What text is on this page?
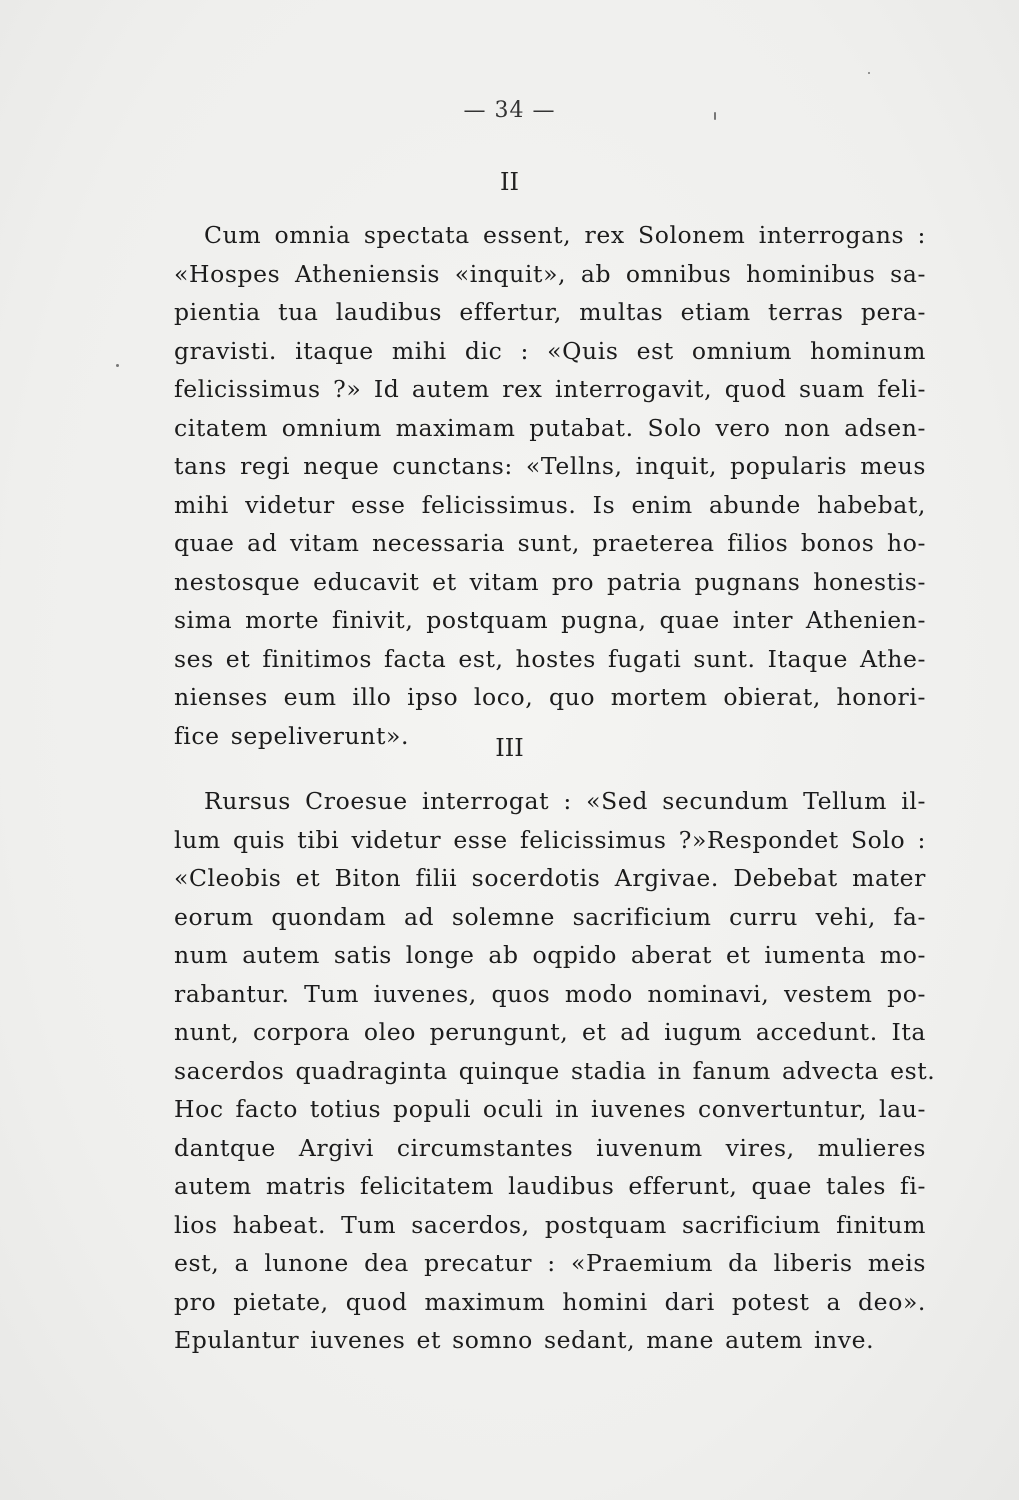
— 34 —
II
Cum omnia spectata essent, rex Solonem interrogans :
«Hospes Atheniensis «inquit», ab omnibus hominibus sa-
pientia tua laudibus effertur, multas etiam terras pera-
gravisti. itaque mihi dic : «Quis est omnium hominum
felicissimus ?» Id autem rex interrogavit, quod suam feli-
citatem omnium maximam putabat. Solo vero non adsen-
tans regi neque cunctans: «Tellns, inquit, popularis meus
mihi videtur esse felicissimus. Is enim abunde habebat,
quae ad vitam necessaria sunt, praeterea filios bonos ho-
nestosque educavit et vitam pro patria pugnans honestis-
sima morte finivit, postquam pugna, quae inter Athenien-
ses et finitimos facta est, hostes fugati sunt. Itaque Athe-
nienses eum illo ipso loco, quo mortem obierat, honori-
fice sepeliverunt».	III
Rursus Croesue interrogat : «Sed secundum Tellum il-
lum quis tibi videtur esse felicissimus ?»Respondet Solo :
«Cleobis et Biton filii socerdotis Argivae. Debebat mater
eorum quondam ad solemne sacrificium curru vehi, fa-
num autem satis longe ab oqpido aberat et iumenta mo-
rabantur. Tum iuvenes, quos modo nominavi, vestem po-
nunt, corpora oleo perungunt, et ad iugum accedunt. Ita
sacerdos quadraginta quinque stadia in fanum advecta est.
Hoc facto totius populi oculi in iuvenes convertuntur, lau-
dantque Argivi circumstantes iuvenum vires, mulieres
autem matris felicitatem laudibus efferunt, quae tales fi-
lios habeat. Tum sacerdos, postquam sacrificium finitum
est, a lunone dea precatur : «Praemium da liberis meis
pro pietate, quod maximum homini dari potest a deo».
Epulantur iuvenes et somno sedant, mane autem inve.
